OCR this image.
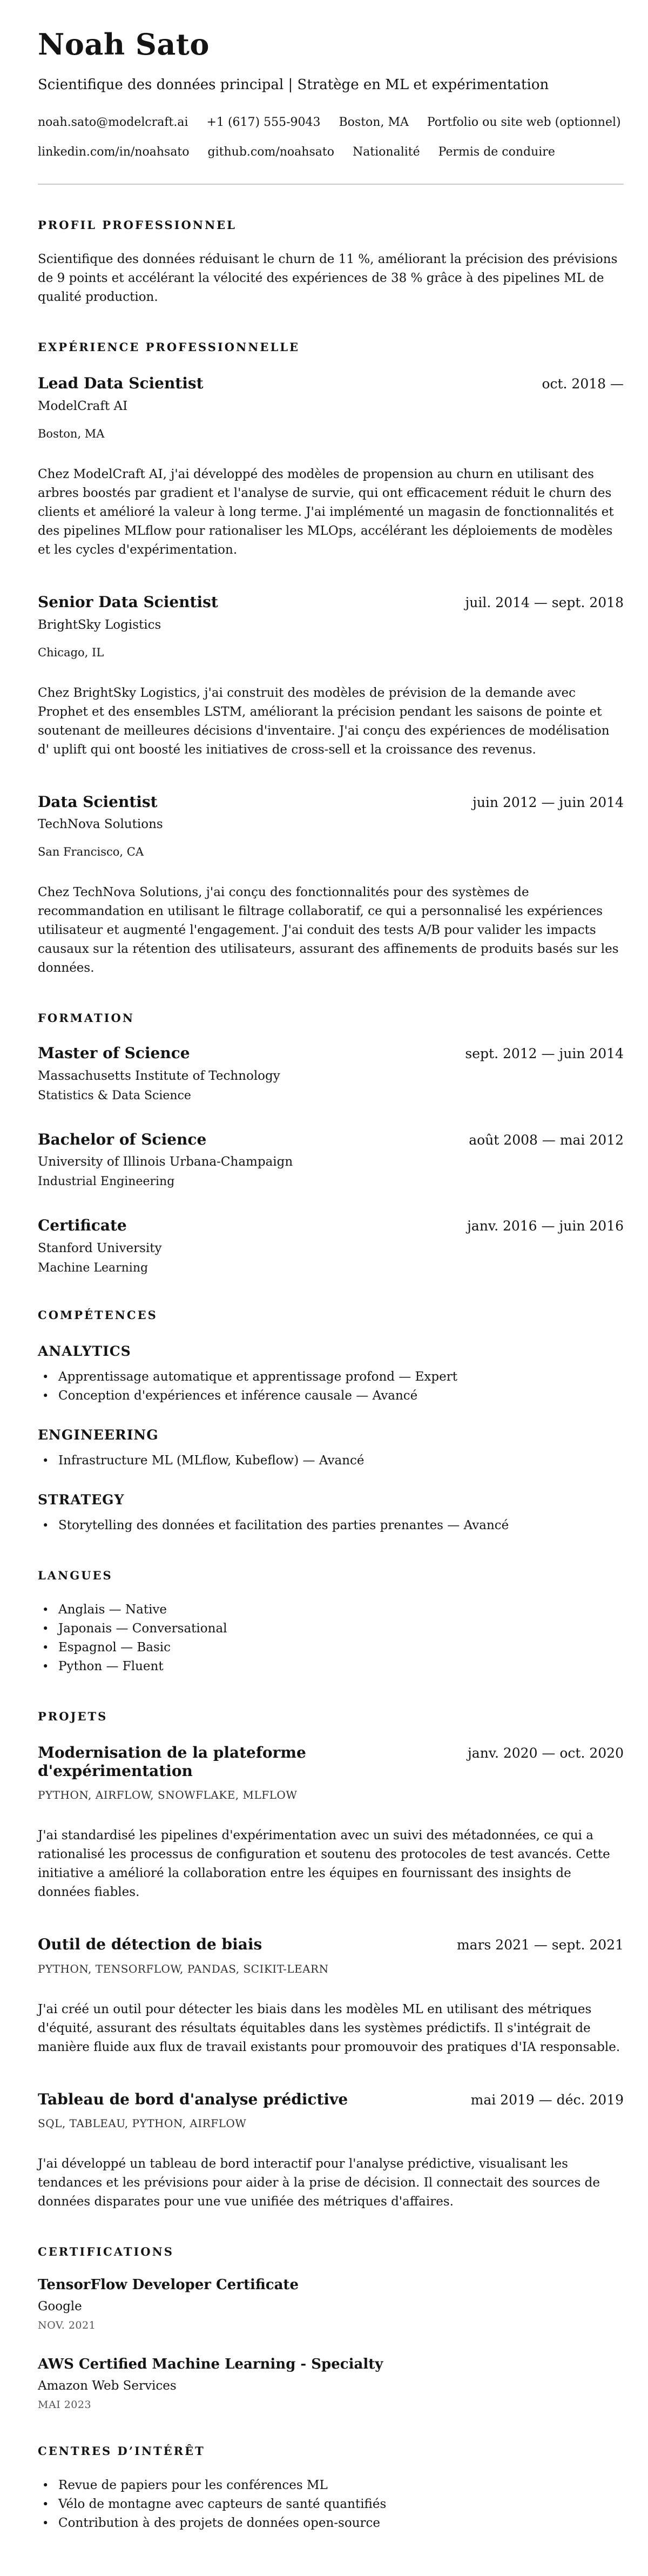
Noah Sato

Scientifique des données principal | Stratège en ML et expérimentation

noah.sato@modelcraft.ai +1 (617) 555-9043 Boston, MA Portfolio ou site web (optionnel)
linkedin.com/in/noahsato github.com/noahsato Nationalité Permis de conduire
PROFIL PROFESSIONNEL

Scientifique des données réduisant le churn de 11 %, améliorant la précision des prévisions de 9 points et accélérant la vélocité des expériences de 38 % grâce à des pipelines ML de qualité production.

EXPÉRIENCE PROFESSIONNELLE
Lead Data Scientist	oct. 2018 —

ModelCraft AI

Boston, MA

Chez ModelCraft AI, j'ai développé des modèles de propension au churn en utilisant des arbres boostés par gradient et l'analyse de survie, qui ont efficacement réduit le churn des clients et amélioré la valeur à long terme. J'ai implémenté un magasin de fonctionnalités et des pipelines MLflow pour rationaliser les MLOps, accélérant les déploiements de modèles et les cycles d'expérimentation.

Senior Data Scientist	juil. 2014 — sept. 2018

BrightSky Logistics

Chicago, IL

Chez BrightSky Logistics, j'ai construit des modèles de prévision de la demande avec Prophet et des ensembles LSTM, améliorant la précision pendant les saisons de pointe et soutenant de meilleures décisions d'inventaire. J'ai conçu des expériences de modélisation d' uplift qui ont boosté les initiatives de cross-sell et la croissance des revenus.

Data Scientist	juin 2012 — juin 2014

TechNova Solutions

San Francisco, CA

Chez TechNova Solutions, j'ai conçu des fonctionnalités pour des systèmes de recommandation en utilisant le filtrage collaboratif, ce qui a personnalisé les expériences utilisateur et augmenté l'engagement. J'ai conduit des tests A/B pour valider les impacts causaux sur la rétention des utilisateurs, assurant des affinements de produits basés sur les données.

FORMATION
Master of Science	sept. 2012 — juin 2014

Massachusetts Institute of Technology

Statistics & Data Science

Bachelor of Science	août 2008 — mai 2012

University of Illinois Urbana-Champaign

Industrial Engineering

Certificate	janv. 2016 — juin 2016

Stanford University

Machine Learning

COMPÉTENCES
ANALYTICS
• Apprentissage automatique et apprentissage profond — Expert
• Conception d'expériences et inférence causale — Avancé
ENGINEERING
• Infrastructure ML (MLflow, Kubeflow) — Avancé
STRATEGY
• Storytelling des données et facilitation des parties prenantes — Avancé
LANGUES
• Anglais — Native
• Japonais — Conversational
• Espagnol — Basic
• Python — Fluent
PROJETS
Modernisation de la plateforme d'expérimentation
janv. 2020 — oct. 2020

PYTHON, AIRFLOW, SNOWFLAKE, MLFLOW

J'ai standardisé les pipelines d'expérimentation avec un suivi des métadonnées, ce qui a rationalisé les processus de configuration et soutenu des protocoles de test avancés. Cette initiative a amélioré la collaboration entre les équipes en fournissant des insights de données fiables.

Outil de détection de biais	mars 2021 — sept. 2021

PYTHON, TENSORFLOW, PANDAS, SCIKIT-LEARN

J'ai créé un outil pour détecter les biais dans les modèles ML en utilisant des métriques d'équité, assurant des résultats équitables dans les systèmes prédictifs. Il s'intégrait de manière fluide aux flux de travail existants pour promouvoir des pratiques d'IA responsable.

Tableau de bord d'analyse prédictive	mai 2019 — déc. 2019

SQL, TABLEAU, PYTHON, AIRFLOW

J'ai développé un tableau de bord interactif pour l'analyse prédictive, visualisant les tendances et les prévisions pour aider à la prise de décision. Il connectait des sources de données disparates pour une vue unifiée des métriques d'affaires.

CERTIFICATIONS
TensorFlow Developer Certificate

Google

NOV. 2021

AWS Certified Machine Learning - Specialty

Amazon Web Services

MAI 2023

CENTRES D’INTÉRÊT
• Revue de papiers pour les conférences ML
• Vélo de montagne avec capteurs de santé quantifiés
• Contribution à des projets de données open-source
